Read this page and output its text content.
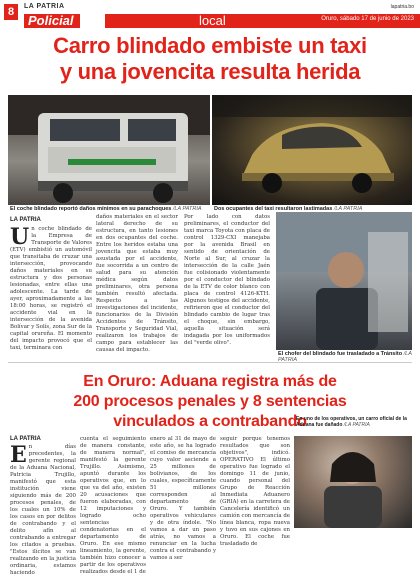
8	LA PATRIA
Policial
lapatria.bo
local	Oruro, sábado 17 de junio de 2023
Carro blindado embiste un taxi
y una jovencita resulta herida
El coche blindado reportó daños mínimos en su parachoques /LA PATRIA	Dos ocupantes del taxi resultaron lastimadas /LA PATRIA
LA PATRIA
Un coche blindado de la Empresa de Transporte de Valores (ETV) embistió un automóvil que transitaba de cruzar una intersección, provocando daños materiales en su estructura y dos personas lesionadas, entre ellas una adolescente. La tarde de ayer, aproximadamente a las 18:00 horas, se registró el accidente vial en la intersección de la avenida Bolívar y Solís, zona Sur de la capital orureña. El momento del impacto provocó que el taxi, terminara con
daños materiales en el sector lateral derecho de su estructura, en tanto lesiones en dos ocupantes del coche. Entre los heridos estaba una jovencita que estaba muy asustada por el accidente, fue socorrida a un centro de salud para su atención médica según datos preliminares, otra persona también resultó afectada. Respecto a las investigaciones del incidente, funcionarios de la División Accidentes de Tránsito, Transporte y Seguridad Vial, realizaron los trabajos de campo para establecer las causas del impacto.
Por lado con datos preliminares, el conductor del taxi marca Toyota con placa de control 1329-CXI manejaba por la avenida Brasil en sentido de orientación de Norte al Sur, al cruzar la intersección de la calle Jaén fue colisionado violentamente por el conductor del blindado de la ETV de color blanco con placa de control 4126-KTH. Algunos testigos del accidente, refirieron que el conductor del blindado cambio de lugar tras el choque, sin embargo, aquella situación será indagada por los uniformados del "verde olivo".
El chofer del blindado fue trasladado a Tránsito /LA PATRIA
En Oruro: Aduana registra más de
200 procesos penales y 8 sentencias
vinculados a contrabando
LA PATRIA
En días precedentes, la gerente regional de la Aduana Nacional, Patricia Trujillo, manifestó que esta institución viene siguiendo más de 200 procesos penales, de los cuales un 10% de los casos en por delitos de contrabando y el delito afín al contrabando a entregar los citados a pruebas. "Estos ilícitos se van realizando en la justicia ordinaria, estamos haciendo
cuenta el seguimiento de manera constante, de manera normal", manifestó la gerente Trujillo. Asimismo, apuntó durante los operativos que, en lo que va del año, existen 20 acusaciones que fueron elaboradas, con 12 imputaciones y logrado ocho sentencias condenatorias en el departamento de Oruro. En ese mismo lineamiento, la gerente, también hizo conocer a partir de los operativos realizados desde el 1 de
enero al 31 de mayo de este año, se ha logrado el comiso de mercancía cuyo valor asciende a 25 millones de bolivianos, de los cuales, específicamente 51 millones corresponden al departamento de Oruro. Y también operativos vehiculares y de otra índole. "No vamos a dar un paso atrás, no vamos a renunciar en la lucha contra el contrabando y vamos a ser
seguir porque tenemos resultados que son objetivos", indicó. OPERATIVO El último operativo fue logrado el domingo 11 de junio, cuando personal del Grupo de Reacción Inmediata Aduanero (GRIA) en la carretera de Cancelería identificó un camión con mercancía de línea blanca, ropa nueva y tuvo en sus cajones en Oruro. El coche fue trasladado de
En uno de los operativos, un carro oficial de la Aduana fue dañado /LA PATRIA
